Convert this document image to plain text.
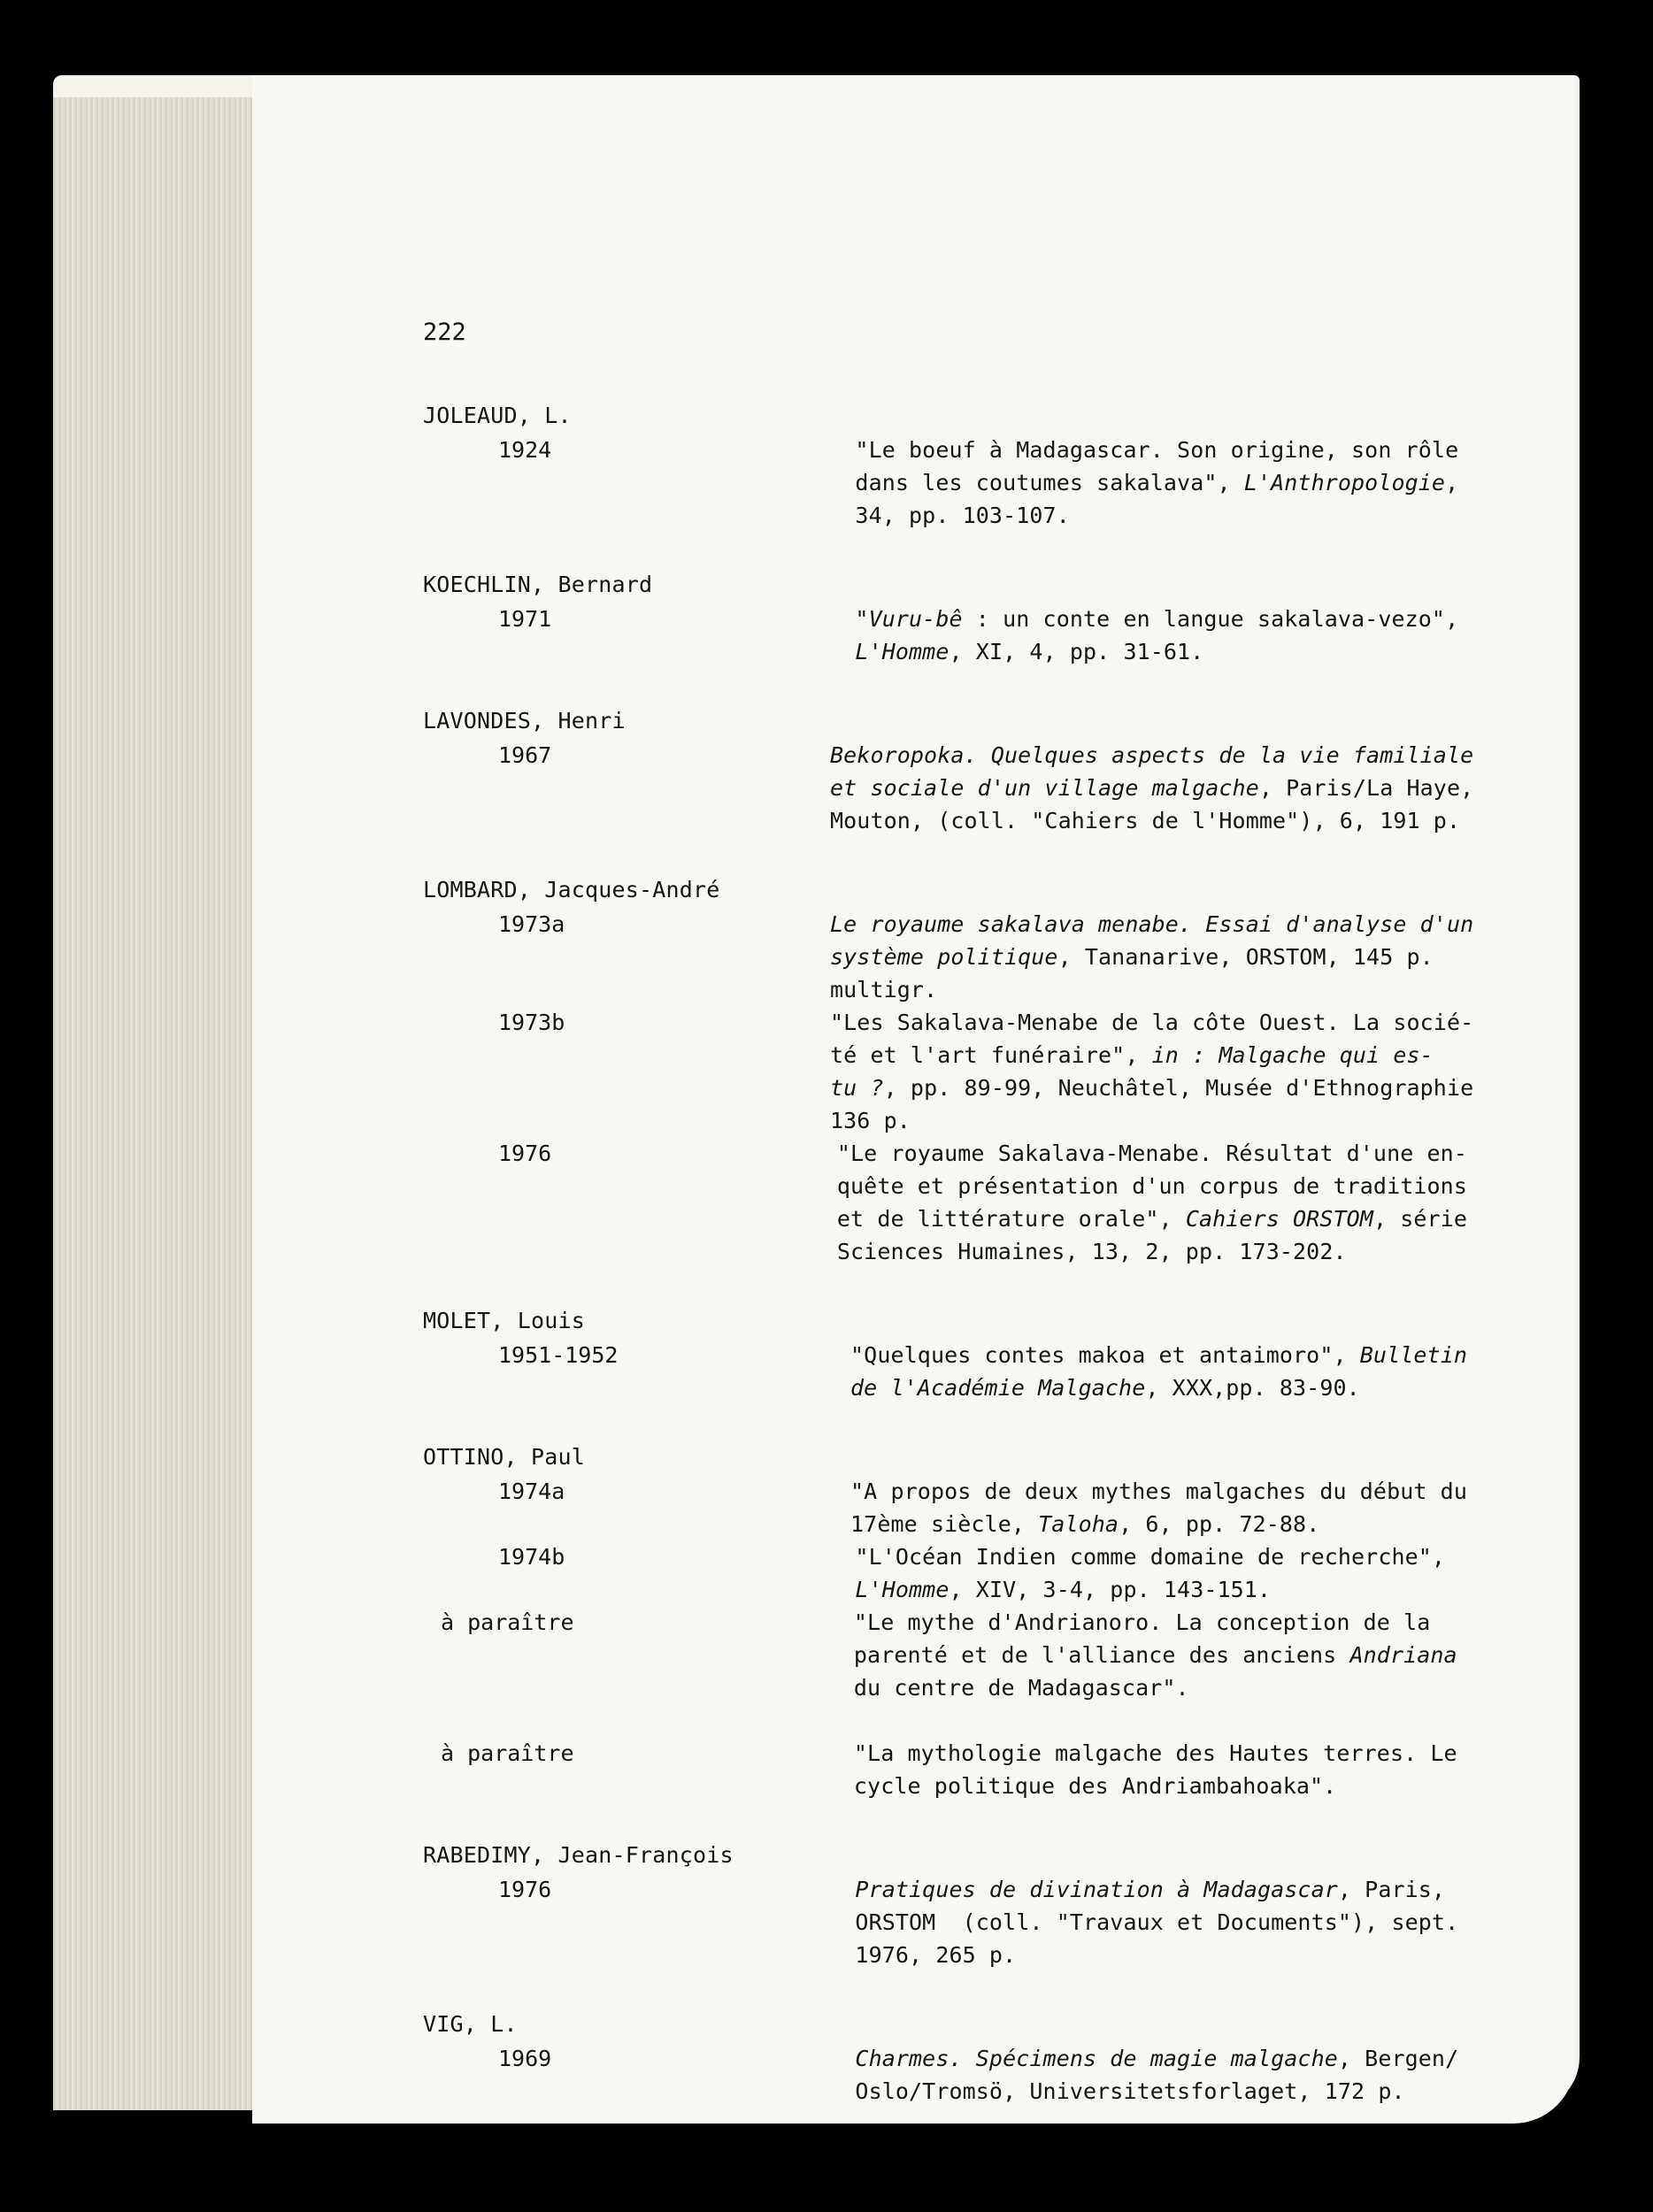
222
JOLEAUD, L.
1924	"Le boeuf à Madagascar. Son origine, son rôle
dans les coutumes sakalava", L'Anthropologie,
34, pp. 103-107.
KOECHLIN, Bernard
1971	"Vuru-bê : un conte en langue sakalava-vezo",
L'Homme, XI, 4, pp. 31-61.
LAVONDES, Henri
1967	Bekoropoka. Quelques aspects de la vie familiale
et sociale d'un village malgache, Paris/La Haye,
Mouton, (coll. "Cahiers de l'Homme"), 6, 191 p.
LOMBARD, Jacques-André
1973a	Le royaume sakalava menabe. Essai d'analyse d'un
système politique, Tananarive, ORSTOM, 145 p.
multigr.
1973b	"Les Sakalava-Menabe de la côte Ouest. La socié-
té et l'art funéraire", in : Malgache qui es-
tu ?, pp. 89-99, Neuchâtel, Musée d'Ethnographie
136 p.
1976	"Le royaume Sakalava-Menabe. Résultat d'une en-
quête et présentation d'un corpus de traditions
et de littérature orale", Cahiers ORSTOM, série
Sciences Humaines, 13, 2, pp. 173-202.
MOLET, Louis
1951-1952	"Quelques contes makoa et antaimoro", Bulletin
de l'Académie Malgache, XXX,pp. 83-90.
OTTINO, Paul
1974a	"A propos de deux mythes malgaches du début du
17ème siècle, Taloha, 6, pp. 72-88.
1974b	"L'Océan Indien comme domaine de recherche",
L'Homme, XIV, 3-4, pp. 143-151.
à paraître	"Le mythe d'Andrianoro. La conception de la
parenté et de l'alliance des anciens Andriana
du centre de Madagascar".
à paraître	"La mythologie malgache des Hautes terres. Le
cycle politique des Andriambahoaka".
RABEDIMY, Jean-François
1976	Pratiques de divination à Madagascar, Paris,
ORSTOM  (coll. "Travaux et Documents"), sept.
1976, 265 p.
VIG, L.
1969	Charmes. Spécimens de magie malgache, Bergen/
Oslo/Tromsö, Universitetsforlaget, 172 p.
